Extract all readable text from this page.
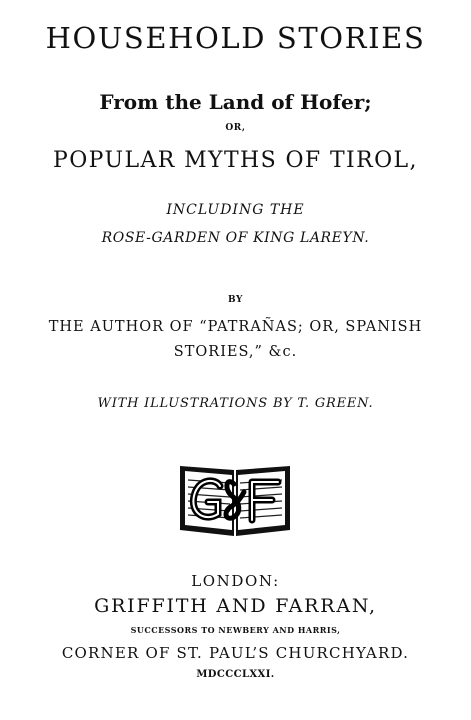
HOUSEHOLD STORIES
From the Land of Hofer;
OR,
POPULAR MYTHS OF TIROL,
INCLUDING THE
ROSE-GARDEN OF KING LAREYN.
BY
THE AUTHOR OF “PATRAÑAS; OR, SPANISH
STORIES,” &c.
WITH ILLUSTRATIONS BY T. GREEN.
LONDON:
GRIFFITH AND FARRAN,
SUCCESSORS TO NEWBERY AND HARRIS,
CORNER OF ST. PAUL’S CHURCHYARD.
MDCCCLXXI.
